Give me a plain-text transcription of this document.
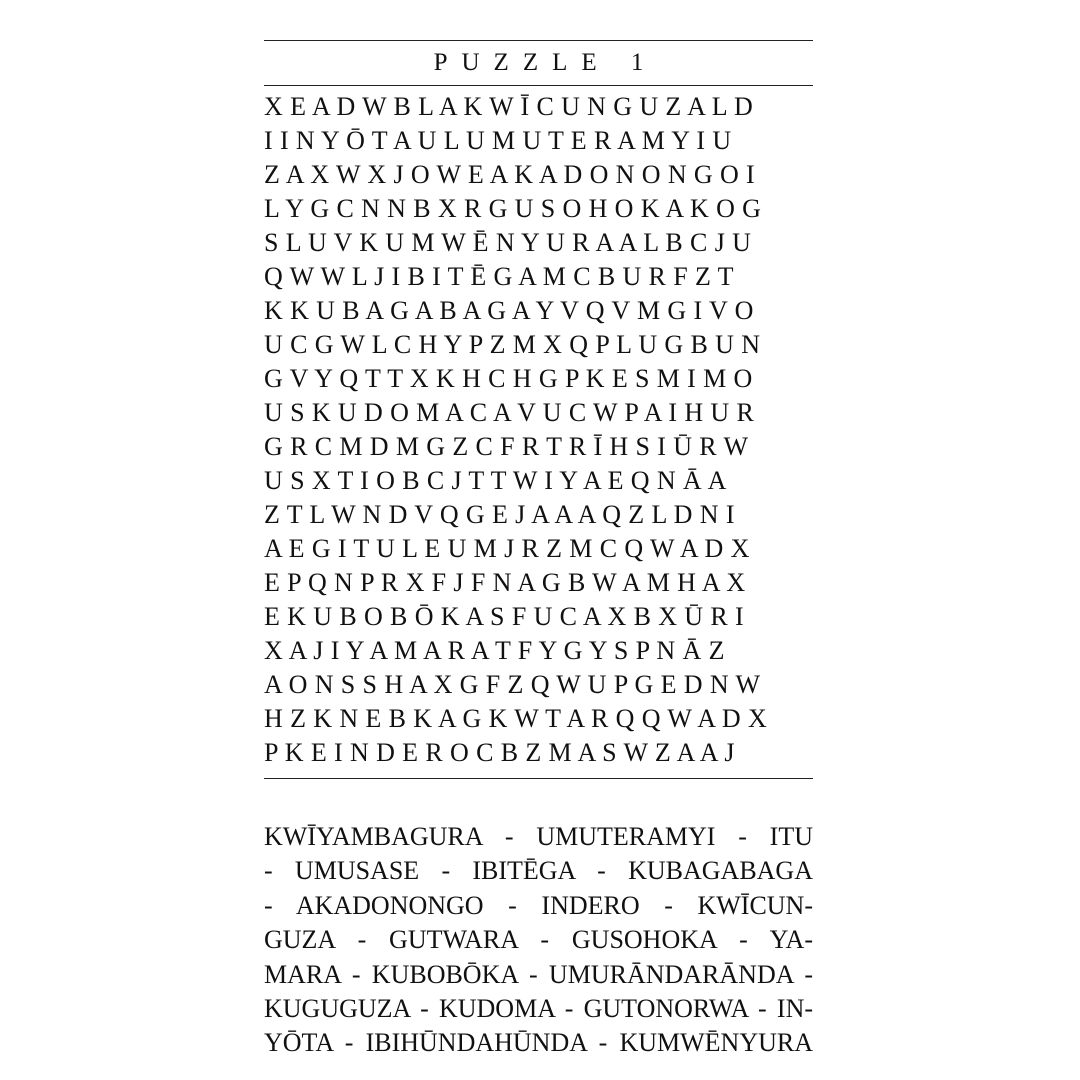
PUZZLE 1
X E A D W B L A K W Ī C U N G U Z A L D
I I N Y Ō T A U L U M U T E R A M Y I U
Z A X W X J O W E A K A D O N O N G O I
L Y G C N N B X R G U S O H O K A K O G
S L U V K U M W Ē N Y U R A A L B C J U
Q W W L J I B I T Ē G A M C B U R F Z T
K K U B A G A B A G A Y V Q V M G I V O
U C G W L C H Y P Z M X Q P L U G B U N
G V Y Q T T X K H C H G P K E S M I M O
U S K U D O M A C A V U C W P A I H U R
G R C M D M G Z C F R T R Ī H S I Ū R W
U S X T I O B C J T T W I Y A E Q N Ā A
Z T L W N D V Q G E J A A A Q Z L D N I
A E G I T U L E U M J R Z M C Q W A D X
E P Q N P R X F J F N A G B W A M H A X
E K U B O B Ō K A S F U C A X B X Ū R I
X A J I Y A M A R A T F Y G Y S P N Ā Z
A O N S S H A X G F Z Q W U P G E D N W
H Z K N E B K A G K W T A R Q Q W A D X
P K E I N D E R O C B Z M A S W Z A A J
KWĪYAMBAGURA - UMUTERAMYI - ITU
- UMUSASE - IBITĒGA - KUBAGABAGA
- AKADONONGO - INDERO - KWĪCUN-
GUZA - GUTWARA - GUSOHOKA - YA-
MARA - KUBOBŌKA - UMURĀNDARĀNDA -
KUGUGUZA - KUDOMA - GUTONORWA - IN-
YŌTA - IBIHŪNDAHŪNDA - KUMWĒNYURA
